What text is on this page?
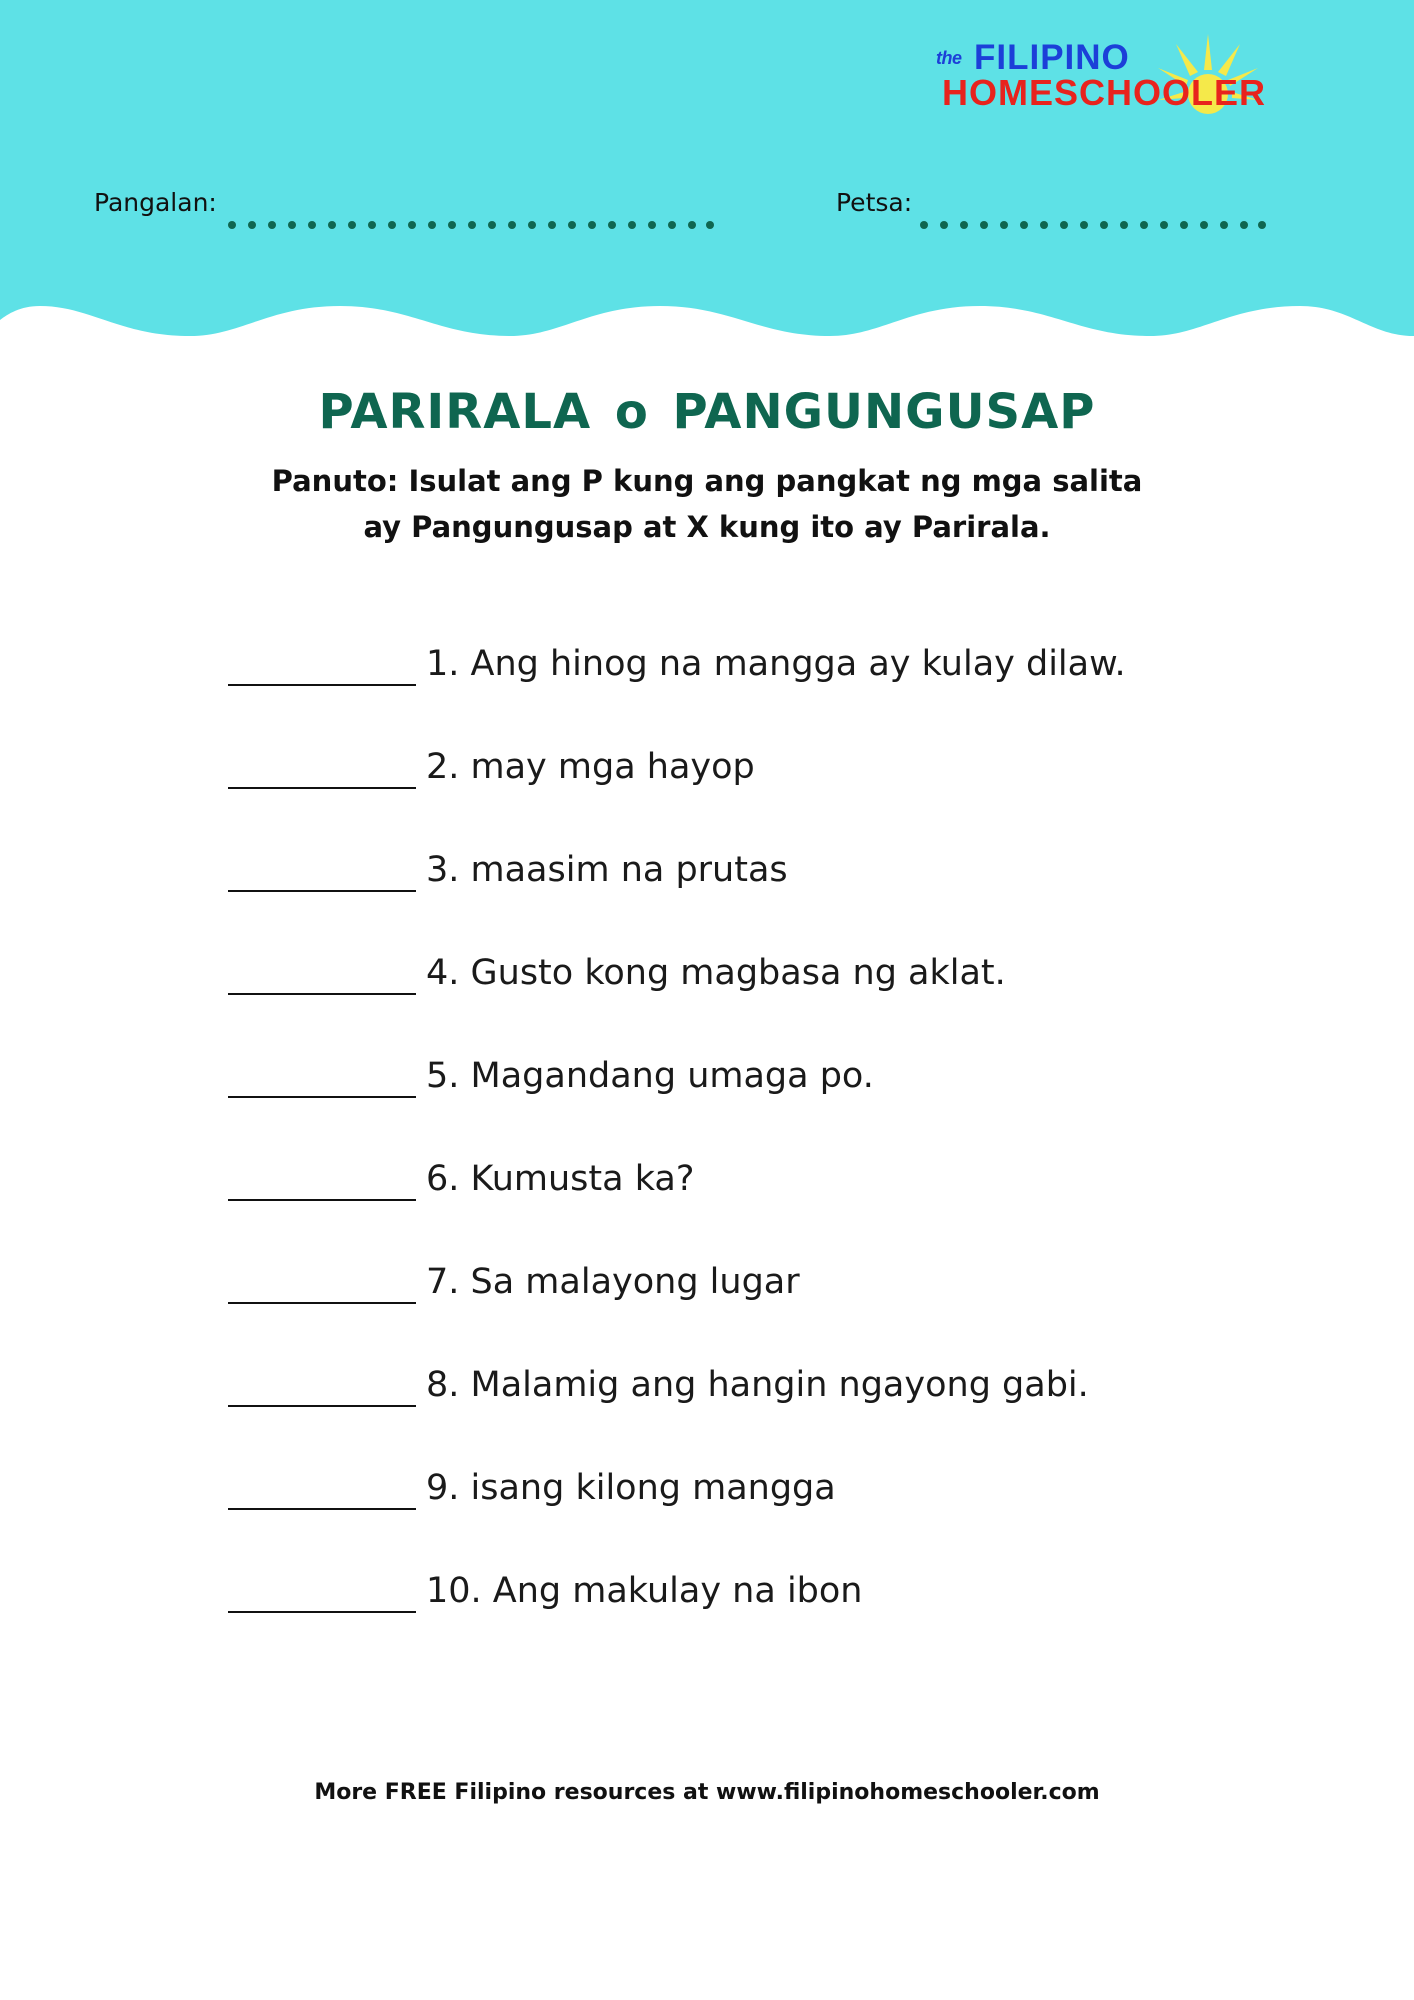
the FILIPINO
HOMESCHOOLER
Pangalan:	Petsa:
PARIRALA o PANGUNGUSAP
Panuto: Isulat ang P kung ang pangkat ng mga salita
ay Pangungusap at X kung ito ay Parirala.
1. Ang hinog na mangga ay kulay dilaw.
2. may mga hayop
3. maasim na prutas
4. Gusto kong magbasa ng aklat.
5. Magandang umaga po.
6. Kumusta ka?
7. Sa malayong lugar
8. Malamig ang hangin ngayong gabi.
9. isang kilong mangga
10. Ang makulay na ibon
More FREE Filipino resources at www.filipinohomeschooler.com
